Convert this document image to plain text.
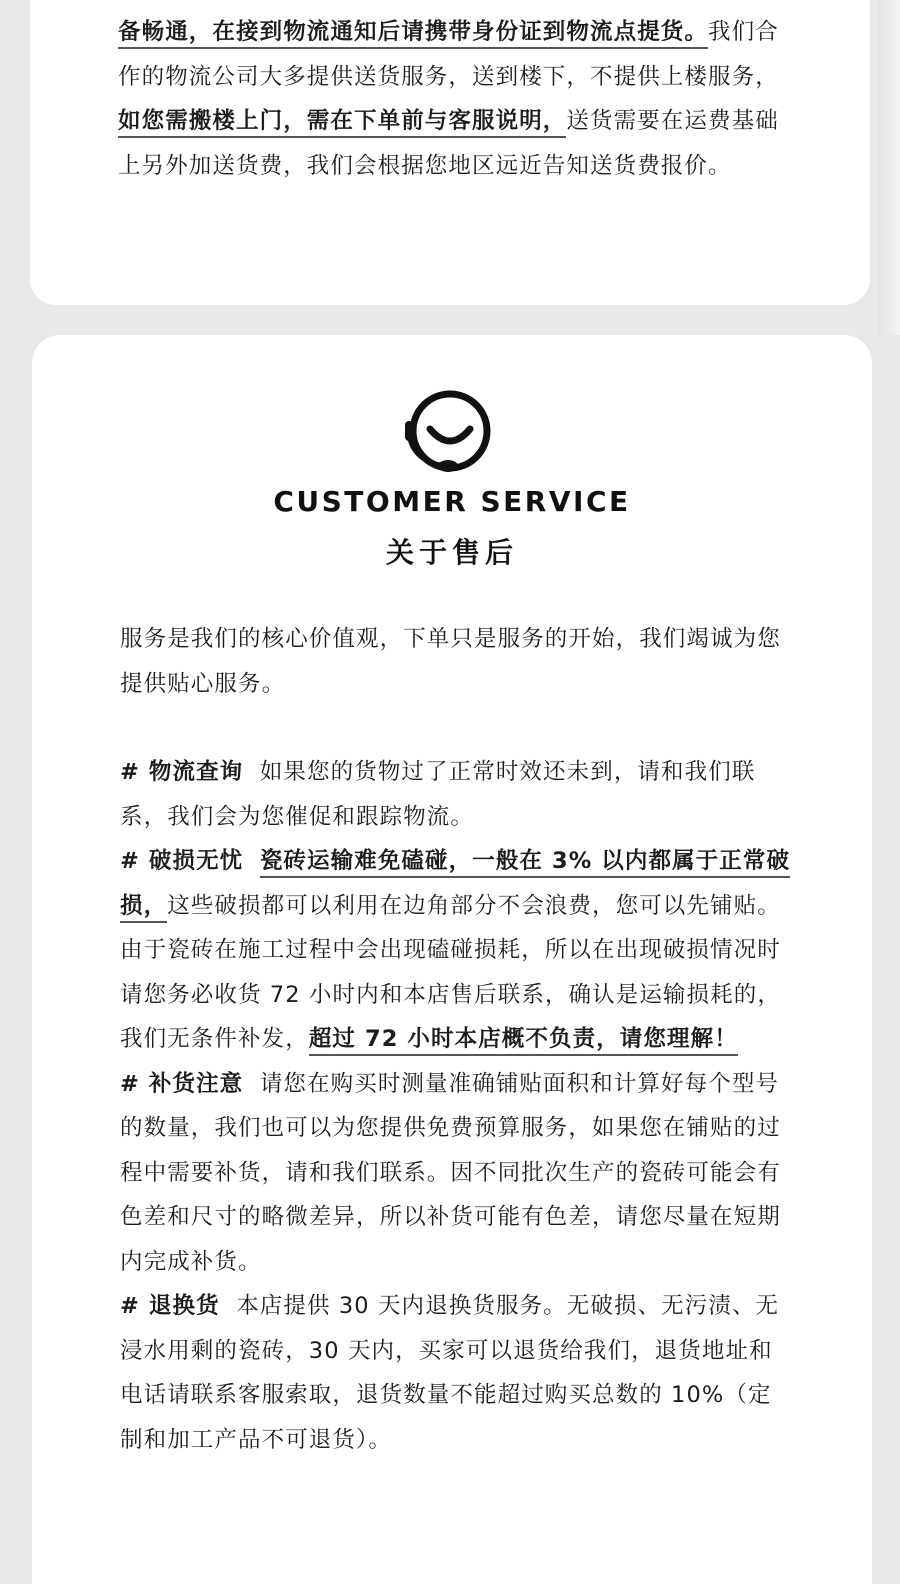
备畅通，在接到物流通知后请携带身份证到物流点提货。我们合作的物流公司大多提供送货服务，送到楼下，不提供上楼服务，如您需搬楼上门，需在下单前与客服说明，送货需要在运费基础上另外加送货费，我们会根据您地区远近告知送货费报价。

CUSTOMER SERVICE
关于售后

服务是我们的核心价值观，下单只是服务的开始，我们竭诚为您提供贴心服务。

# 物流查询 如果您的货物过了正常时效还未到，请和我们联系，我们会为您催促和跟踪物流。

# 破损无忧 瓷砖运输难免磕碰，一般在 3% 以内都属于正常破损，这些破损都可以利用在边角部分不会浪费，您可以先铺贴。由于瓷砖在施工过程中会出现磕碰损耗，所以在出现破损情况时请您务必收货 72 小时内和本店售后联系，确认是运输损耗的，我们无条件补发，超过 72 小时本店概不负责，请您理解！

# 补货注意 请您在购买时测量准确铺贴面积和计算好每个型号的数量，我们也可以为您提供免费预算服务，如果您在铺贴的过程中需要补货，请和我们联系。因不同批次生产的瓷砖可能会有色差和尺寸的略微差异，所以补货可能有色差，请您尽量在短期内完成补货。

# 退换货 本店提供 30 天内退换货服务。无破损、无污渍、无浸水用剩的瓷砖，30 天内，买家可以退货给我们，退货地址和电话请联系客服索取，退货数量不能超过购买总数的 10%（定制和加工产品不可退货）。
